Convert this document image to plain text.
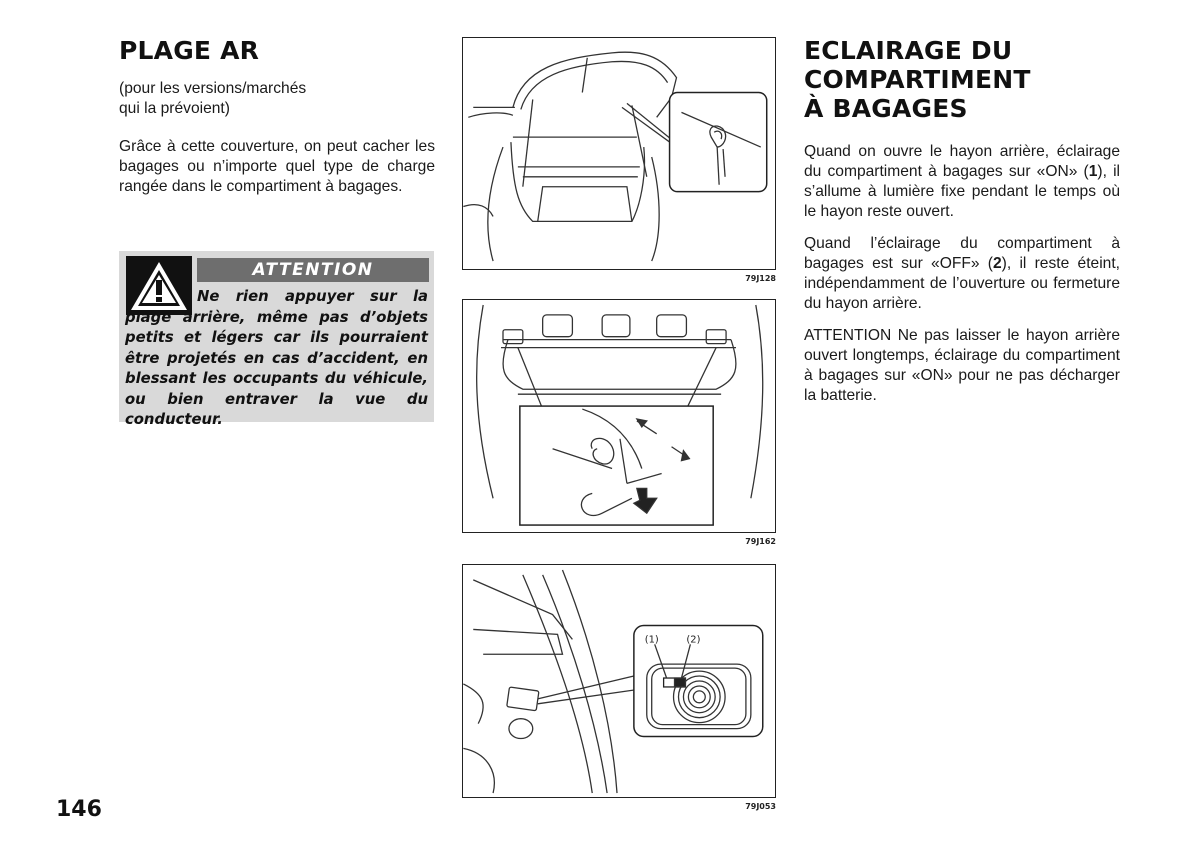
PLAGE AR

(pour les versions/marchés
qui la prévoient)

Grâce à cette couverture, on peut cacher les bagages ou n’importe quel type de charge rangée dans le compartiment à bagages.

ATTENTION

Ne rien appuyer sur la plage arrière, même pas d’objets petits et légers car ils pourraient être projetés en cas d’accident, en blessant les occupants du véhicule, ou bien entraver la vue du conducteur.

79J128
79J162
(1)	(2)
79J053
ECLAIRAGE DU
COMPARTIMENT
À BAGAGES

Quand on ouvre le hayon arrière, éclairage du compartiment à bagages sur «ON» (1), il s’allume à lumière fixe pendant le temps où le hayon reste ouvert.

Quand l’éclairage du compartiment à bagages est sur «OFF» (2), il reste éteint, indépendamment de l’ouverture ou fermeture du hayon arrière.

ATTENTION Ne pas laisser le hayon arrière ouvert longtemps, éclairage du compartiment à bagages sur «ON» pour ne pas décharger la batterie.

146
